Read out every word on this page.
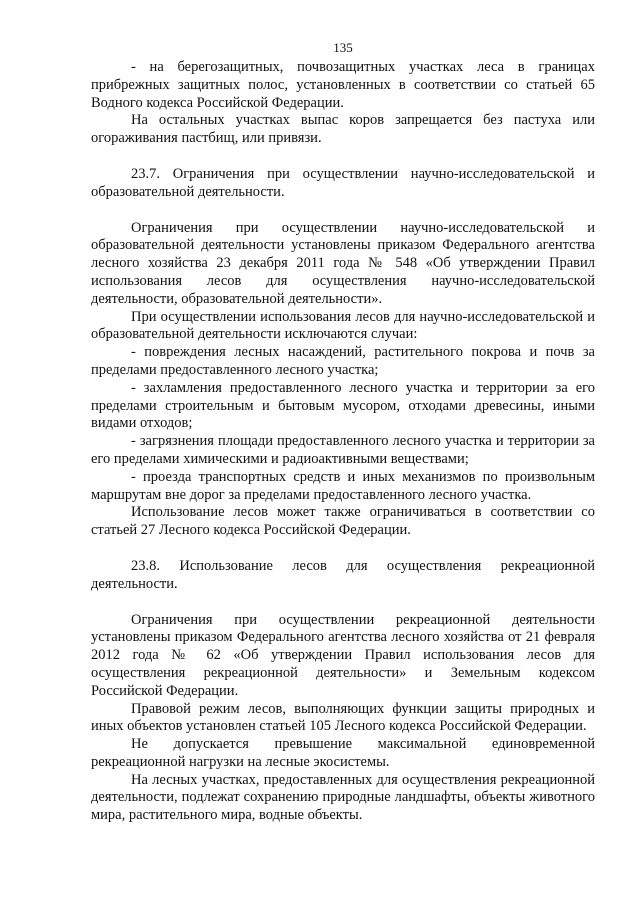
135

- на берегозащитных, почвозащитных участках леса в границах прибрежных защитных полос, установленных в соответствии со статьей 65 Водного кодекса Российской Федерации.

На остальных участках выпас коров запрещается без пастуха или огораживания пастбищ, или привязи.

23.7. Ограничения при осуществлении научно-исследовательской и образовательной деятельности.

Ограничения при осуществлении научно-исследовательской и образовательной деятельности установлены приказом Федерального агентства лесного хозяйства 23 декабря 2011 года № 548 «Об утверждении Правил использования лесов для осуществления научно-исследовательской деятельности, образовательной деятельности».

При осуществлении использования лесов для научно-исследовательской и образовательной деятельности исключаются случаи:

- повреждения лесных насаждений, растительного покрова и почв за пределами предоставленного лесного участка;

- захламления предоставленного лесного участка и территории за его пределами строительным и бытовым мусором, отходами древесины, иными видами отходов;

- загрязнения площади предоставленного лесного участка и территории за его пределами химическими и радиоактивными веществами;

- проезда транспортных средств и иных механизмов по произвольным маршрутам вне дорог за пределами предоставленного лесного участка.

Использование лесов может также ограничиваться в соответствии со статьей 27 Лесного кодекса Российской Федерации.

23.8. Использование лесов для осуществления рекреационной деятельности.

Ограничения при осуществлении рекреационной деятельности установлены приказом Федерального агентства лесного хозяйства от 21 февраля 2012 года № 62 «Об утверждении Правил использования лесов для осуществления рекреационной деятельности» и Земельным кодексом Российской Федерации.

Правовой режим лесов, выполняющих функции защиты природных и иных объектов установлен статьей 105 Лесного кодекса Российской Федерации.

Не допускается превышение максимальной единовременной рекреационной нагрузки на лесные экосистемы.

На лесных участках, предоставленных для осуществления рекреационной деятельности, подлежат сохранению природные ландшафты, объекты животного мира, растительного мира, водные объекты.
